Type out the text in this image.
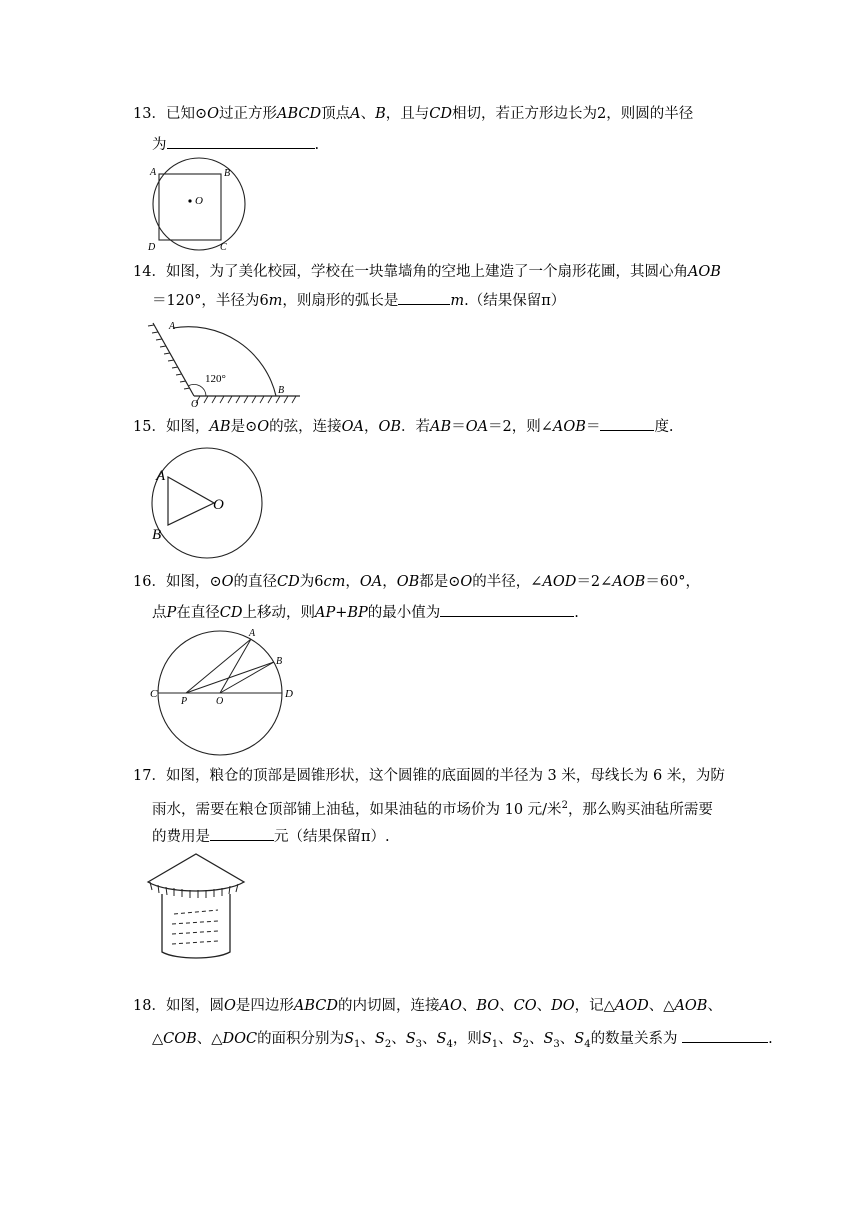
13．已知⊙O过正方形ABCD顶点A、B，且与CD相切，若正方形边长为2，则圆的半径
为	.
O
A	B
D	C
14．如图，为了美化校园，学校在一块靠墙角的空地上建造了一个扇形花圃，其圆心角AOB
＝120°，半径为6m，则扇形的弧长是	m.（结果保留π）
120°
A
B
O
15．如图，AB是⊙O的弦，连接OA，OB．若AB＝OA＝2，则∠AOB＝	度.
O
A
B
16．如图，⊙O的直径CD为6cm，OA，OB都是⊙O的半径，∠AOD＝2∠AOB＝60°，
点P在直径CD上移动，则AP+BP的最小值为	.
A
B
C	D
P	O
17．如图，粮仓的顶部是圆锥形状，这个圆锥的底面圆的半径为 3 米，母线长为 6 米，为防
雨水，需要在粮仓顶部铺上油毡，如果油毡的市场价为 10 元/米$^2$，那么购买油毡所需要
的费用是	元（结果保留π）.
18．如图，圆O是四边形ABCD的内切圆，连接AO、BO、CO、DO，记△AOD、△AOB、
△COB、△DOC的面积分别为$S_1$、$S_2$、$S_3$、$S_4$，则$S_1$、$S_2$、$S_3$、$S_4$的数量关系为	.
